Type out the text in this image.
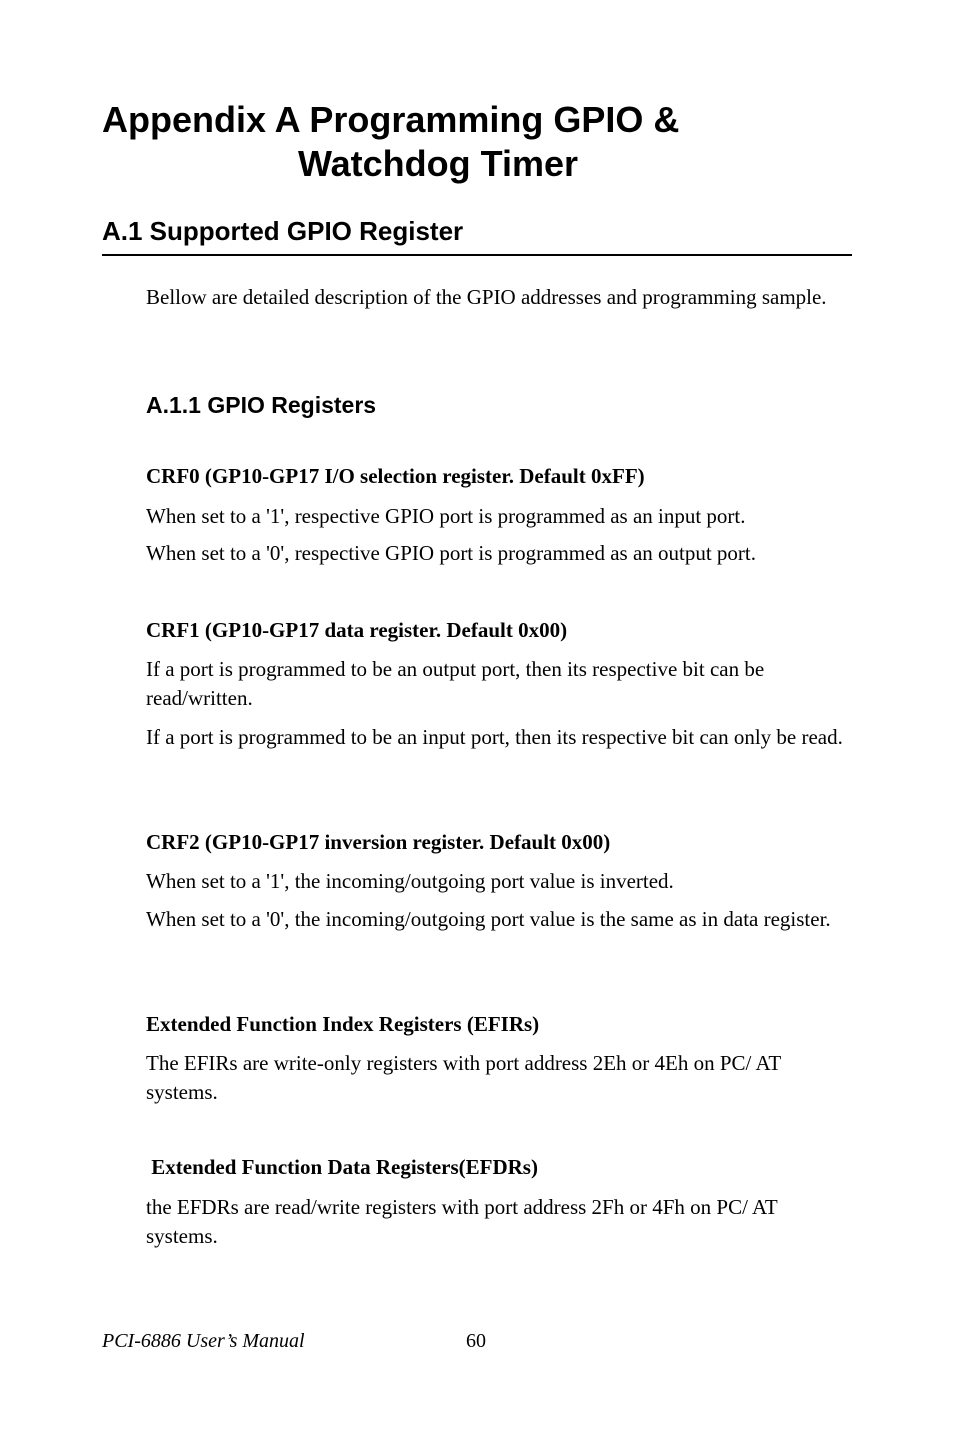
Appendix A Programming GPIO &
Watchdog Timer
A.1 Supported GPIO Register

Bellow are detailed description of the GPIO addresses and programming sample.

A.1.1 GPIO Registers
CRF0 (GP10-GP17 I/O selection register. Default 0xFF)

When set to a '1', respective GPIO port is programmed as an input port.

When set to a '0', respective GPIO port is programmed as an output port.

CRF1 (GP10-GP17 data register. Default 0x00)

If a port is programmed to be an output port, then its respective bit can be read/written.

If a port is programmed to be an input port, then its respective bit can only be read.

CRF2 (GP10-GP17 inversion register. Default 0x00)

When set to a '1', the incoming/outgoing port value is inverted.

When set to a '0', the incoming/outgoing port value is the same as in data register.

Extended Function Index Registers (EFIRs)

The EFIRs are write-only registers with port address 2Eh or 4Eh on PC/ AT systems.

Extended Function Data Registers(EFDRs)

the EFDRs are read/write registers with port address 2Fh or 4Fh on PC/ AT systems.

PCI-6886 User’s Manual	60
